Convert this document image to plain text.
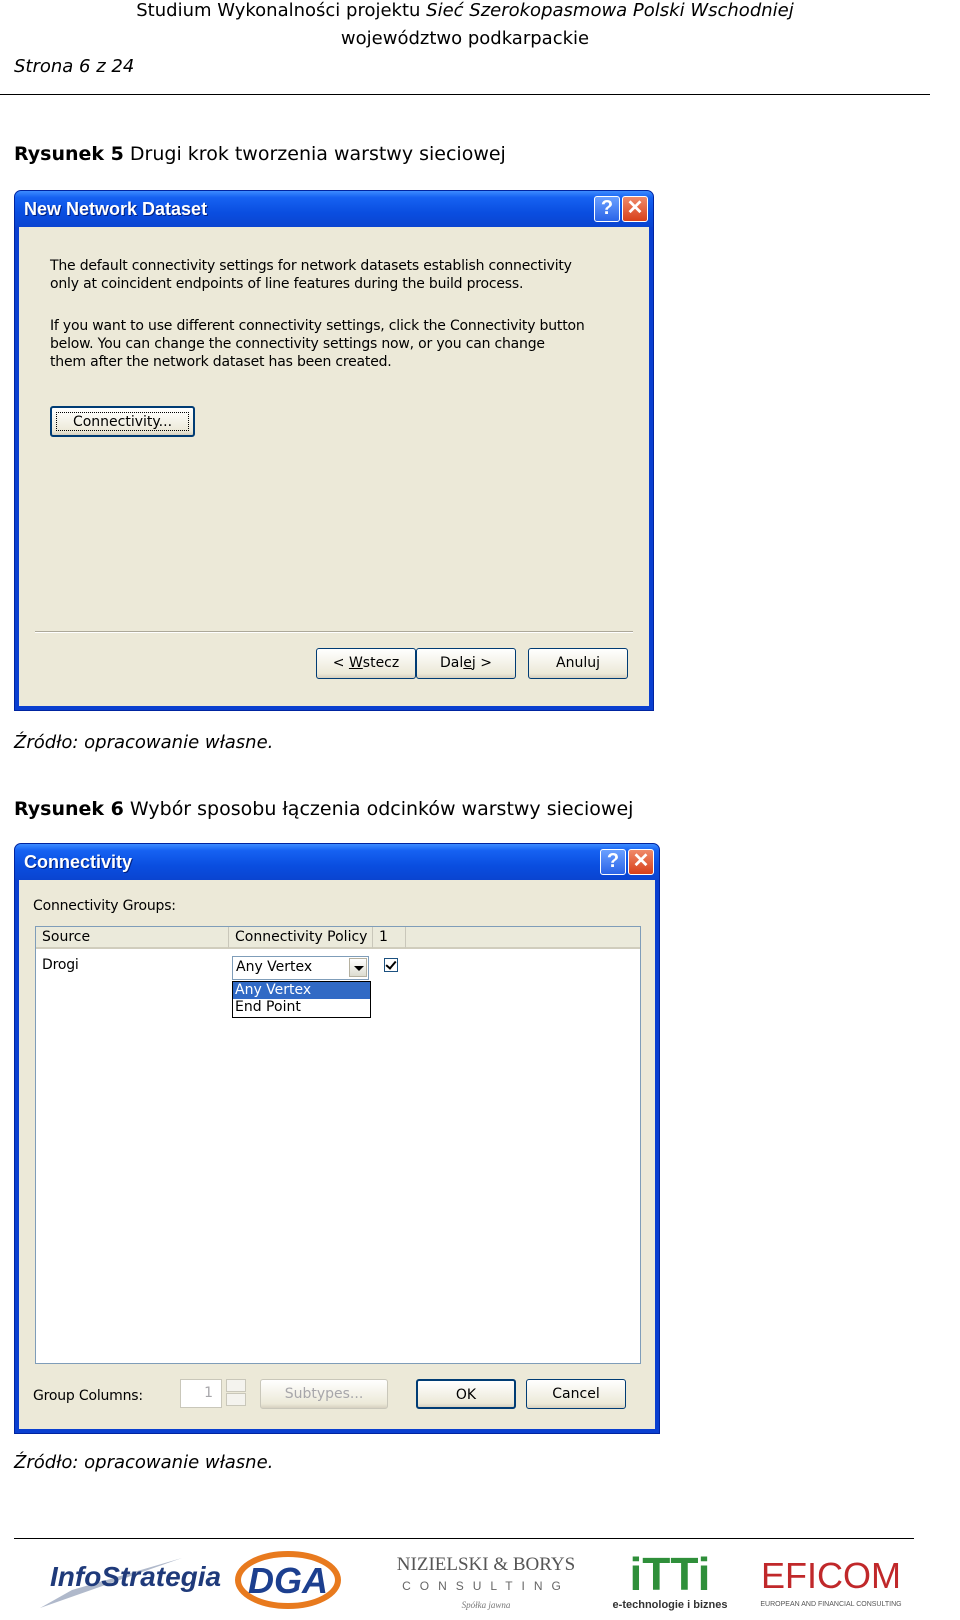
Studium Wykonalności projektu Sieć Szerokopasmowa Polski Wschodniej
województwo podkarpackie
Strona 6 z 24
Rysunek 5 Drugi krok tworzenia warstwy sieciowej
New Network Dataset	? ✕
The default connectivity settings for network datasets establish connectivity
only at coincident endpoints of line features during the build process.
If you want to use different connectivity settings, click the Connectivity button
below. You can change the connectivity settings now, or you can change
them after the network dataset has been created.
Connectivity...
< Wstecz	Dalej >	Anuluj
Źródło: opracowanie własne.
Rysunek 6 Wybór sposobu łączenia odcinków warstwy sieciowej
Connectivity	? ✕
Connectivity Groups:
Source	Connectivity Policy 1
Drogi	Any Vertex
Any Vertex
End Point
Group Columns:	1	Subtypes...	OK	Cancel
Źródło: opracowanie własne.
InfoStrategia DGA	NIZIELSKI & BORYS
CONSULTING
Spółka jawna
iTTi
e-technologie i biznes
EFICOM
EUROPEAN AND FINANCIAL CONSULTING
